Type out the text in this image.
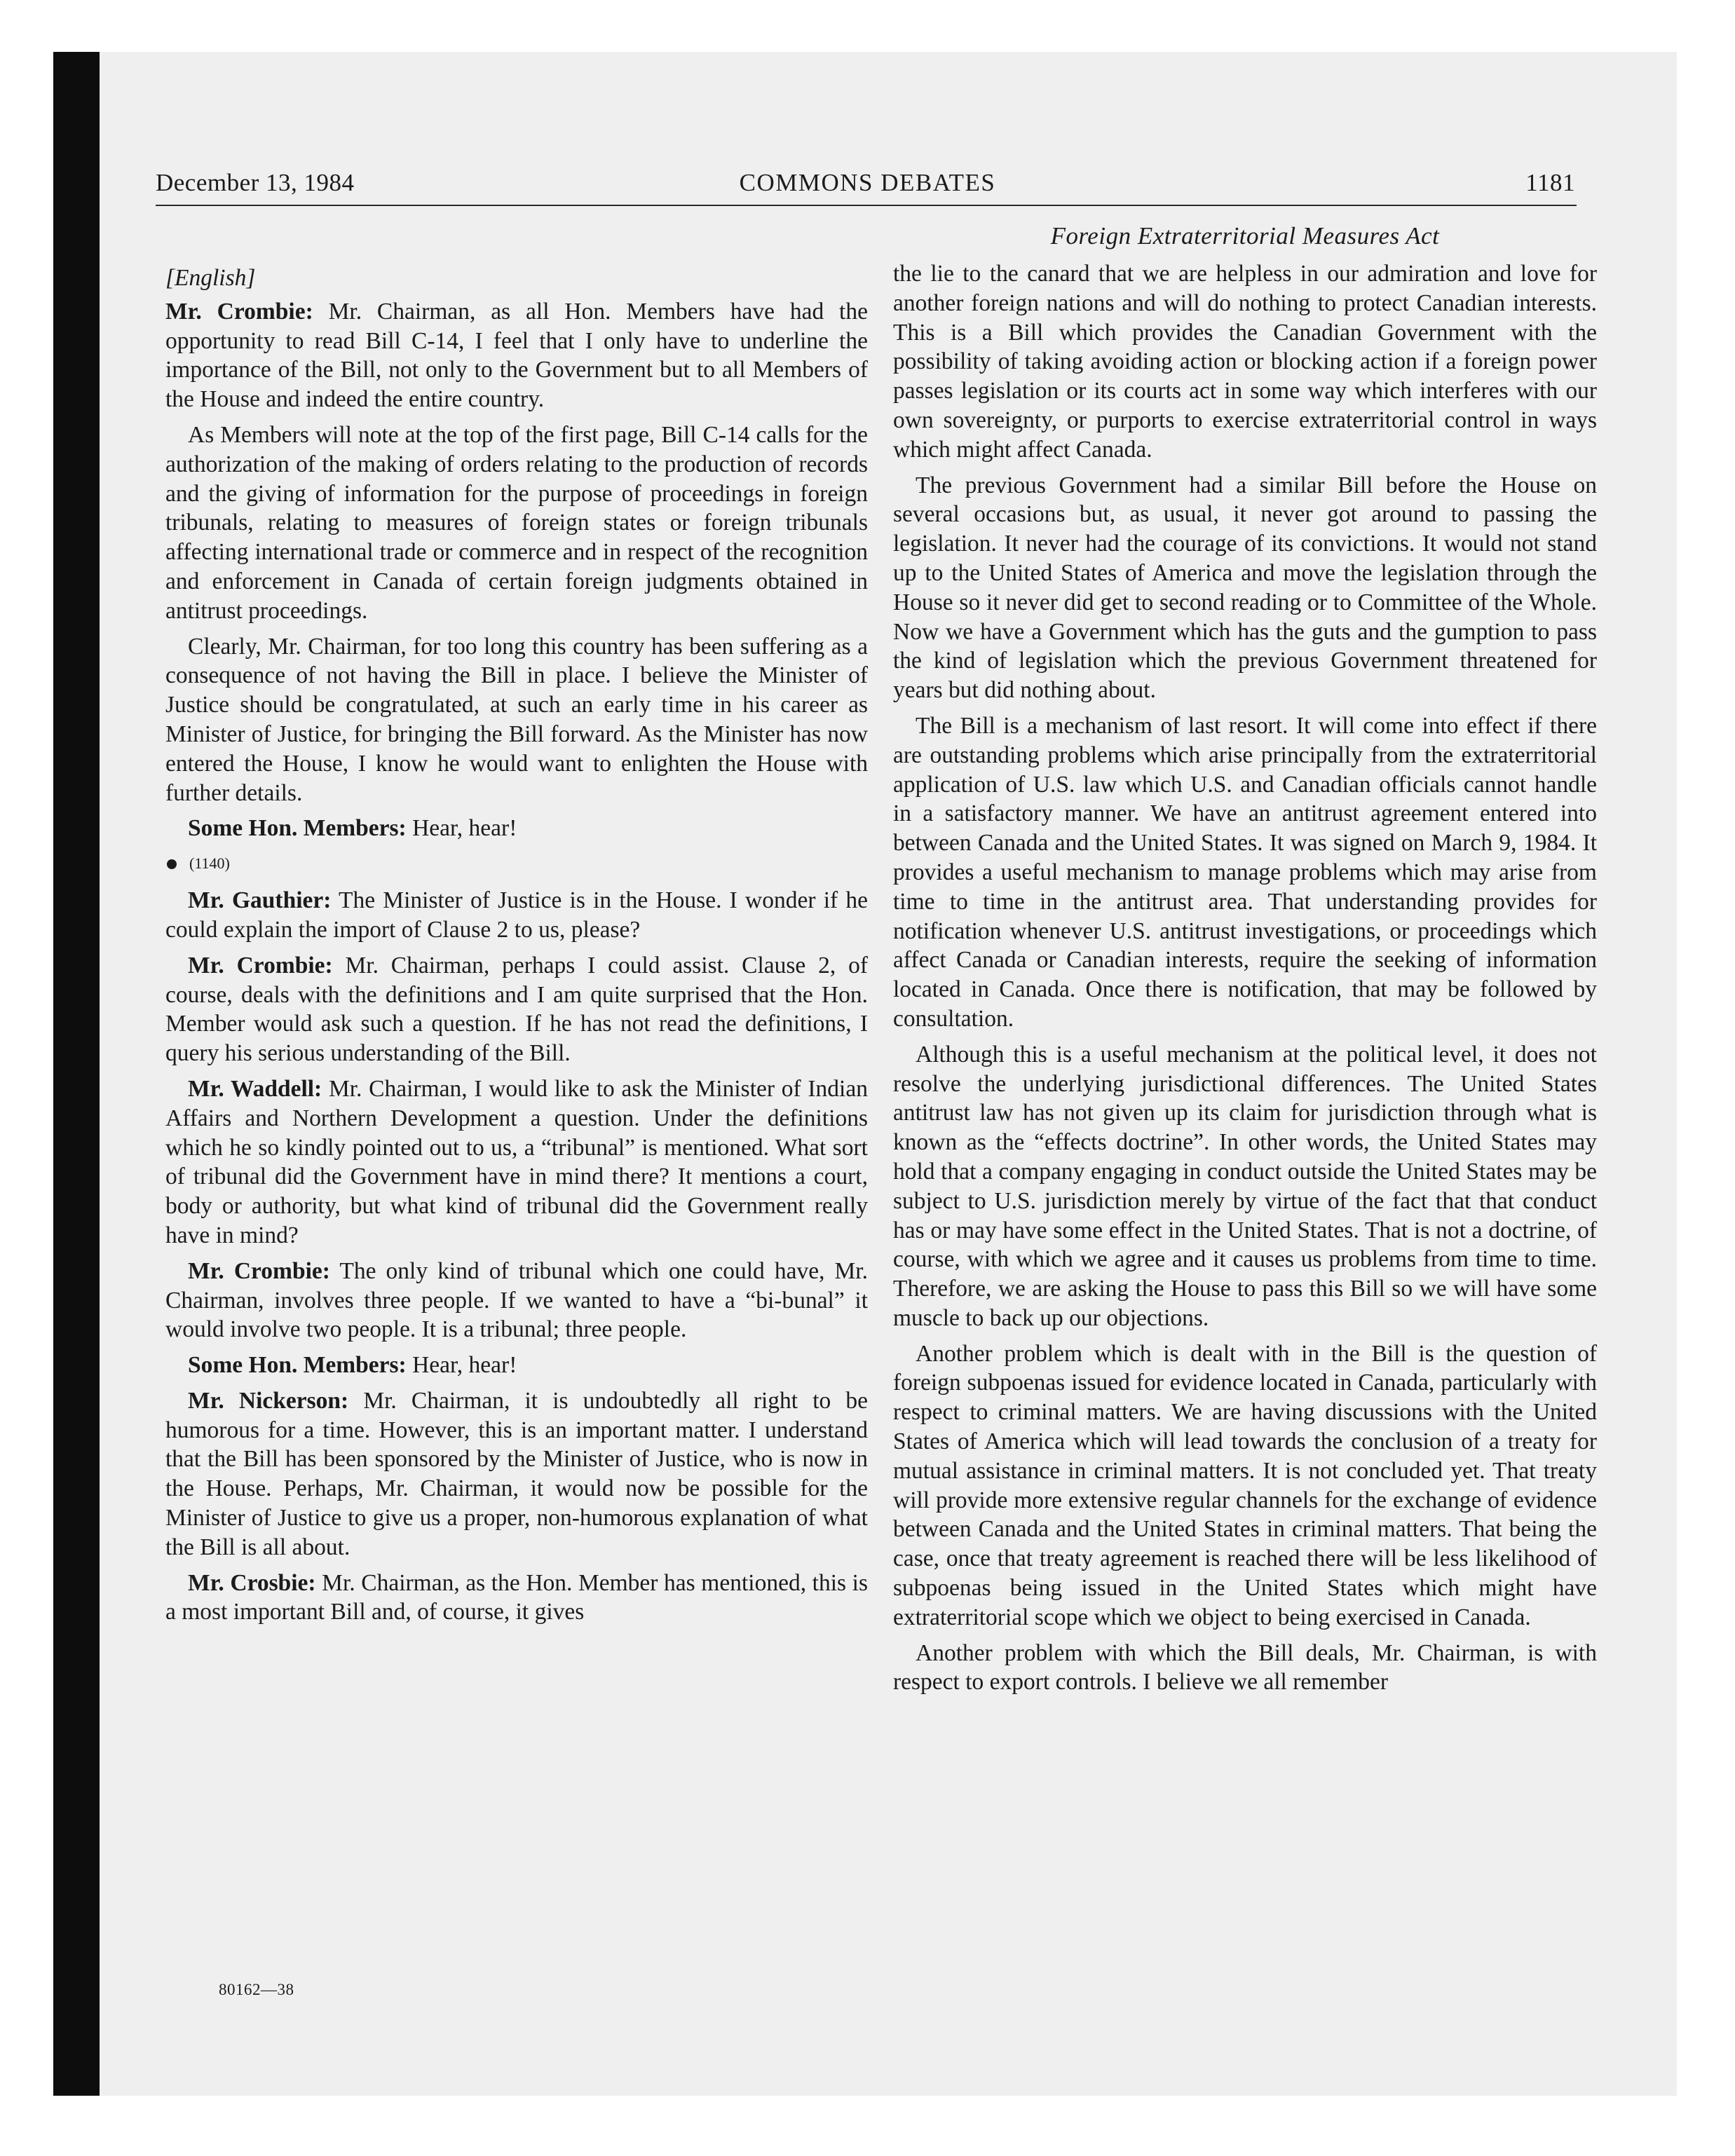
December 13, 1984	COMMONS DEBATES	1181
Foreign Extraterritorial Measures Act

[English]

Mr. Crombie: Mr. Chairman, as all Hon. Members have had the opportunity to read Bill C-14, I feel that I only have to underline the importance of the Bill, not only to the Government but to all Members of the House and indeed the entire country.

As Members will note at the top of the first page, Bill C-14 calls for the authorization of the making of orders relating to the production of records and the giving of information for the purpose of proceedings in foreign tribunals, relating to measures of foreign states or foreign tribunals affecting international trade or commerce and in respect of the recognition and enforcement in Canada of certain foreign judgments obtained in antitrust proceedings.

Clearly, Mr. Chairman, for too long this country has been suffering as a consequence of not having the Bill in place. I believe the Minister of Justice should be congratulated, at such an early time in his career as Minister of Justice, for bringing the Bill forward. As the Minister has now entered the House, I know he would want to enlighten the House with further details.

Some Hon. Members: Hear, hear!

(1140)

Mr. Gauthier: The Minister of Justice is in the House. I wonder if he could explain the import of Clause 2 to us, please?

Mr. Crombie: Mr. Chairman, perhaps I could assist. Clause 2, of course, deals with the definitions and I am quite surprised that the Hon. Member would ask such a question. If he has not read the definitions, I query his serious understanding of the Bill.

Mr. Waddell: Mr. Chairman, I would like to ask the Minister of Indian Affairs and Northern Development a question. Under the definitions which he so kindly pointed out to us, a “tribunal” is mentioned. What sort of tribunal did the Government have in mind there? It mentions a court, body or authority, but what kind of tribunal did the Government really have in mind?

Mr. Crombie: The only kind of tribunal which one could have, Mr. Chairman, involves three people. If we wanted to have a “bi-bunal” it would involve two people. It is a tribunal; three people.

Some Hon. Members: Hear, hear!

Mr. Nickerson: Mr. Chairman, it is undoubtedly all right to be humorous for a time. However, this is an important matter. I understand that the Bill has been sponsored by the Minister of Justice, who is now in the House. Perhaps, Mr. Chairman, it would now be possible for the Minister of Justice to give us a proper, non-humorous explanation of what the Bill is all about.

Mr. Crosbie: Mr. Chairman, as the Hon. Member has mentioned, this is a most important Bill and, of course, it gives

the lie to the canard that we are helpless in our admiration and love for another foreign nations and will do nothing to protect Canadian interests. This is a Bill which provides the Canadian Government with the possibility of taking avoiding action or blocking action if a foreign power passes legislation or its courts act in some way which interferes with our own sovereignty, or purports to exercise extraterritorial control in ways which might affect Canada.

The previous Government had a similar Bill before the House on several occasions but, as usual, it never got around to passing the legislation. It never had the courage of its convictions. It would not stand up to the United States of America and move the legislation through the House so it never did get to second reading or to Committee of the Whole. Now we have a Government which has the guts and the gumption to pass the kind of legislation which the previous Government threatened for years but did nothing about.

The Bill is a mechanism of last resort. It will come into effect if there are outstanding problems which arise principally from the extraterritorial application of U.S. law which U.S. and Canadian officials cannot handle in a satisfactory manner. We have an antitrust agreement entered into between Canada and the United States. It was signed on March 9, 1984. It provides a useful mechanism to manage problems which may arise from time to time in the antitrust area. That understanding provides for notification whenever U.S. antitrust investigations, or proceedings which affect Canada or Canadian interests, require the seeking of information located in Canada. Once there is notification, that may be followed by consultation.

Although this is a useful mechanism at the political level, it does not resolve the underlying jurisdictional differences. The United States antitrust law has not given up its claim for jurisdiction through what is known as the “effects doctrine”. In other words, the United States may hold that a company engaging in conduct outside the United States may be subject to U.S. jurisdiction merely by virtue of the fact that that conduct has or may have some effect in the United States. That is not a doctrine, of course, with which we agree and it causes us problems from time to time. Therefore, we are asking the House to pass this Bill so we will have some muscle to back up our objections.

Another problem which is dealt with in the Bill is the question of foreign subpoenas issued for evidence located in Canada, particularly with respect to criminal matters. We are having discussions with the United States of America which will lead towards the conclusion of a treaty for mutual assistance in criminal matters. It is not concluded yet. That treaty will provide more extensive regular channels for the exchange of evidence between Canada and the United States in criminal matters. That being the case, once that treaty agreement is reached there will be less likelihood of subpoenas being issued in the United States which might have extraterritorial scope which we object to being exercised in Canada.

Another problem with which the Bill deals, Mr. Chairman, is with respect to export controls. I believe we all remember

80162—38
